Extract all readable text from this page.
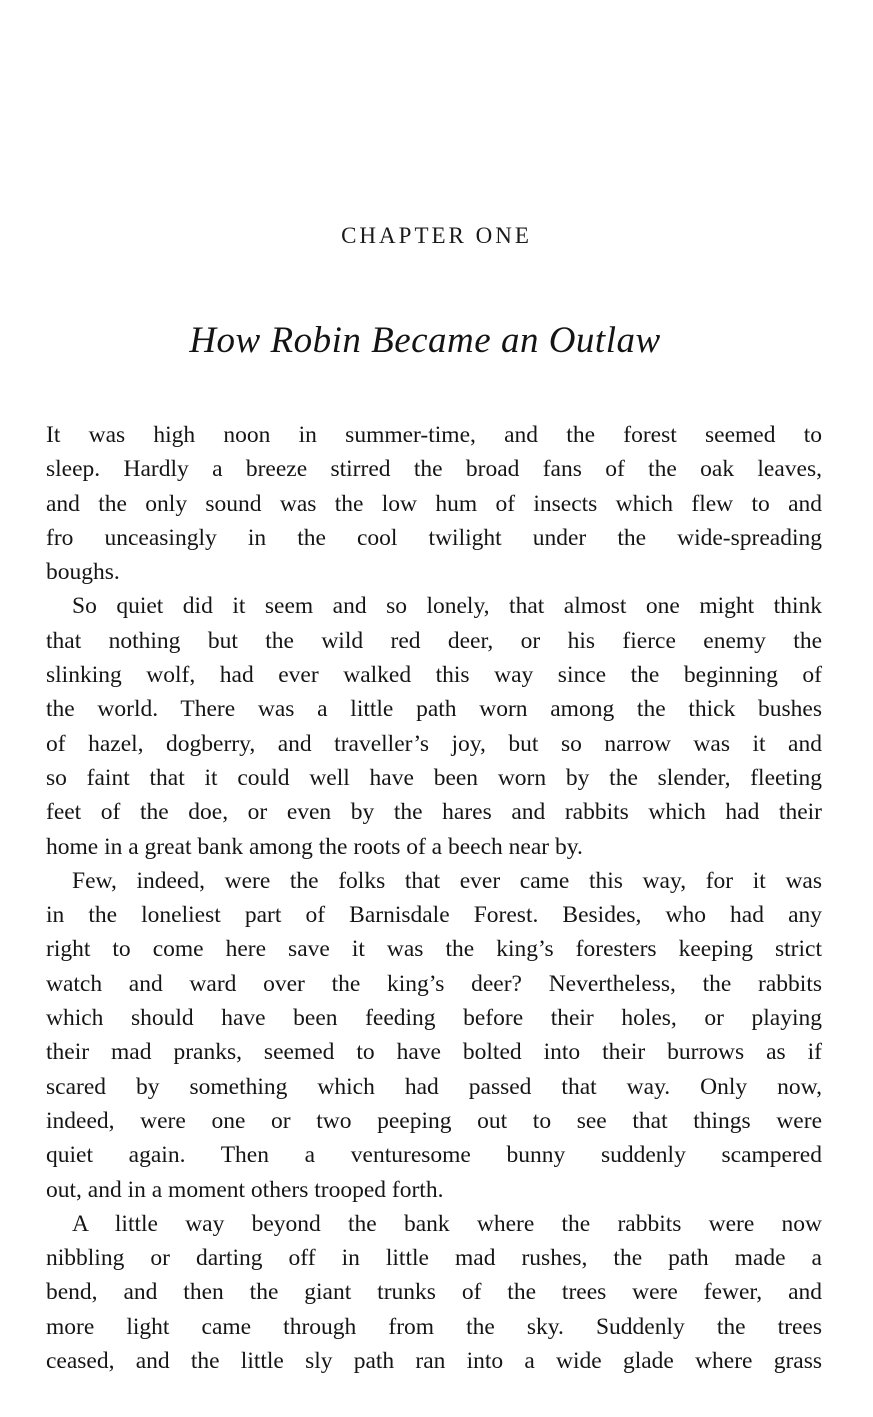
CHAPTER ONE
How Robin Became an Outlaw
It was high noon in summer-time, and the forest seemed to
sleep. Hardly a breeze stirred the broad fans of the oak leaves,
and the only sound was the low hum of insects which flew to and
fro unceasingly in the cool twilight under the wide-spreading
boughs.
So quiet did it seem and so lonely, that almost one might think
that nothing but the wild red deer, or his fierce enemy the
slinking wolf, had ever walked this way since the beginning of
the world. There was a little path worn among the thick bushes
of hazel, dogberry, and traveller’s joy, but so narrow was it and
so faint that it could well have been worn by the slender, fleeting
feet of the doe, or even by the hares and rabbits which had their
home in a great bank among the roots of a beech near by.
Few, indeed, were the folks that ever came this way, for it was
in the loneliest part of Barnisdale Forest. Besides, who had any
right to come here save it was the king’s foresters keeping strict
watch and ward over the king’s deer? Nevertheless, the rabbits
which should have been feeding before their holes, or playing
their mad pranks, seemed to have bolted into their burrows as if
scared by something which had passed that way. Only now,
indeed, were one or two peeping out to see that things were
quiet again. Then a venturesome bunny suddenly scampered
out, and in a moment others trooped forth.
A little way beyond the bank where the rabbits were now
nibbling or darting off in little mad rushes, the path made a
bend, and then the giant trunks of the trees were fewer, and
more light came through from the sky. Suddenly the trees
ceased, and the little sly path ran into a wide glade where grass
